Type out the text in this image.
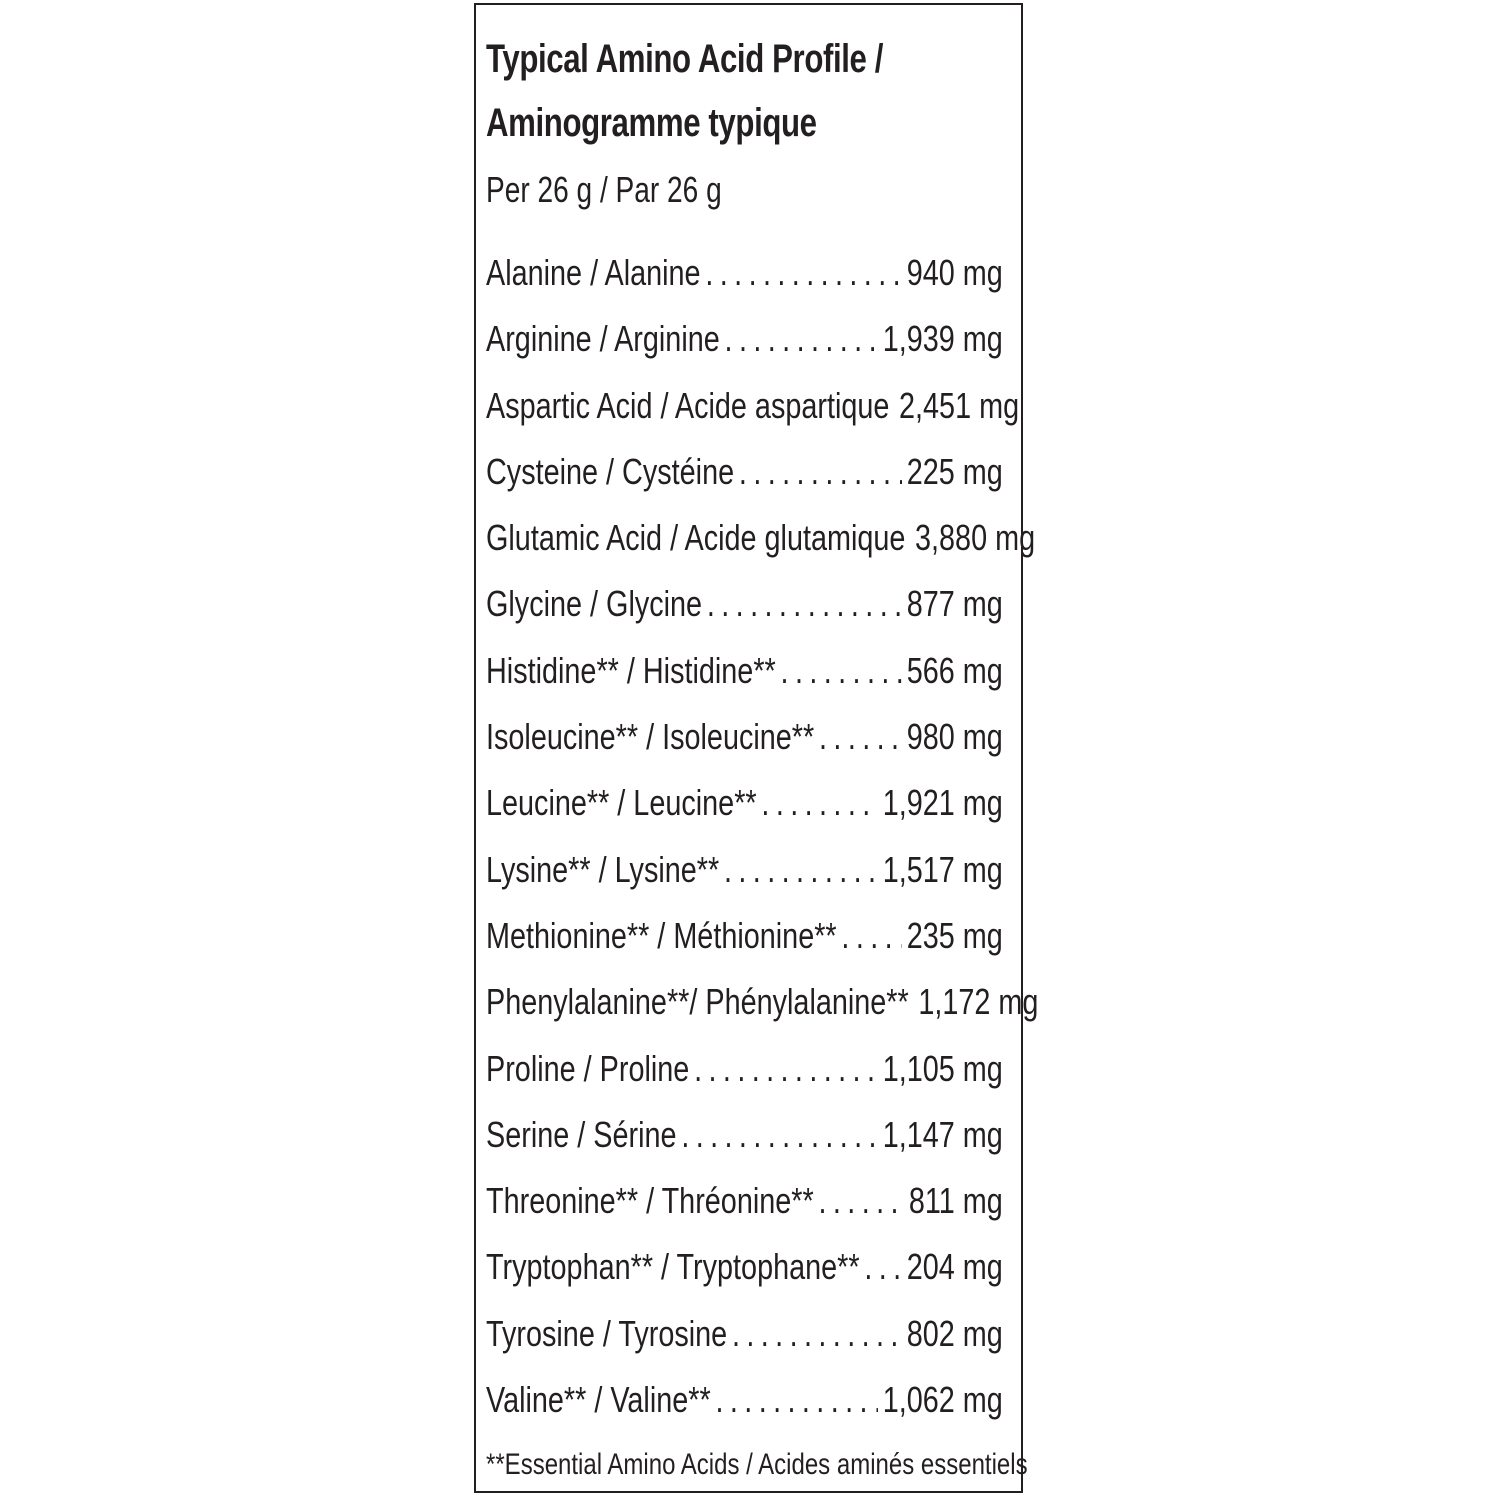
Typical Amino Acid Profile /
Aminogramme typique
Per 26 g / Par 26 g
Alanine / Alanine . . .	940 mg
Arginine / Arginine . . .	1,939 mg
Aspartic Acid / Acide aspartique 2,451 mg
Cysteine / Cystéine . . .	225 mg
Glutamic Acid / Acide glutamique 3,880 mg
Glycine / Glycine . . .	877 mg
Histidine** / Histidine** . . .	566 mg
Isoleucine** / Isoleucine** . . .	980 mg
Leucine** / Leucine** . . .	1,921 mg
Lysine** / Lysine** . . .	1,517 mg
Methionine** / Méthionine** . . . 235 mg
Phenylalanine**/ Phénylalanine** 1,172 mg
Proline / Proline . . .	1,105 mg
Serine / Sérine . . .	1,147 mg
Threonine** / Thréonine** . . .	811 mg
Tryptophan** / Tryptophane** . . . 204 mg
Tyrosine / Tyrosine . . .	802 mg
Valine** / Valine** . . .	1,062 mg
**Essential Amino Acids / Acides aminés essentiels
